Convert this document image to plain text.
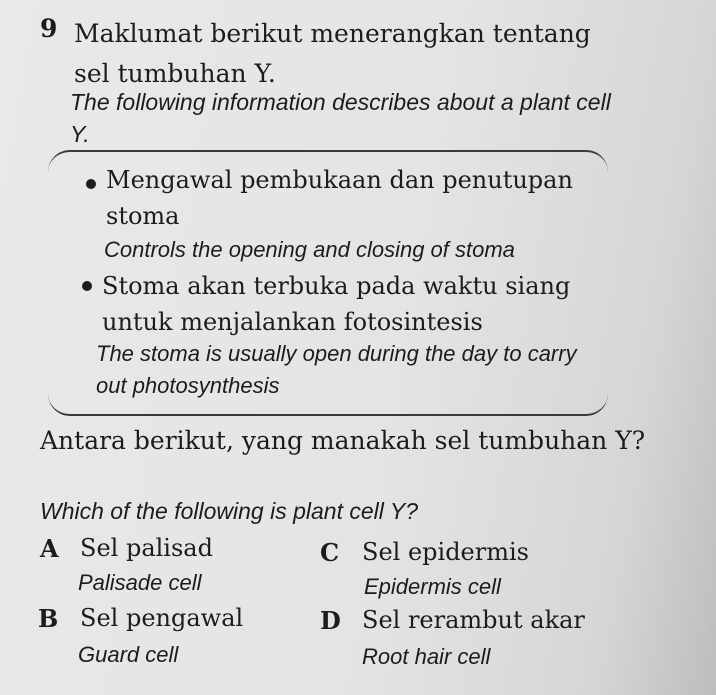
9 Maklumat berikut menerangkan tentang sel tumbuhan Y.
The following information describes about a plant cell Y.
Mengawal pembukaan dan penutupan stoma
Controls the opening and closing of stoma
Stoma akan terbuka pada waktu siang untuk menjalankan fotosintesis
The stoma is usually open during the day to carry out photosynthesis
Antara berikut, yang manakah sel tumbuhan Y?
Which of the following is plant cell Y?
A Sel palisad
Palisade cell
C Sel epidermis
Epidermis cell
B Sel pengawal
Guard cell
D Sel rerambut akar
Root hair cell
